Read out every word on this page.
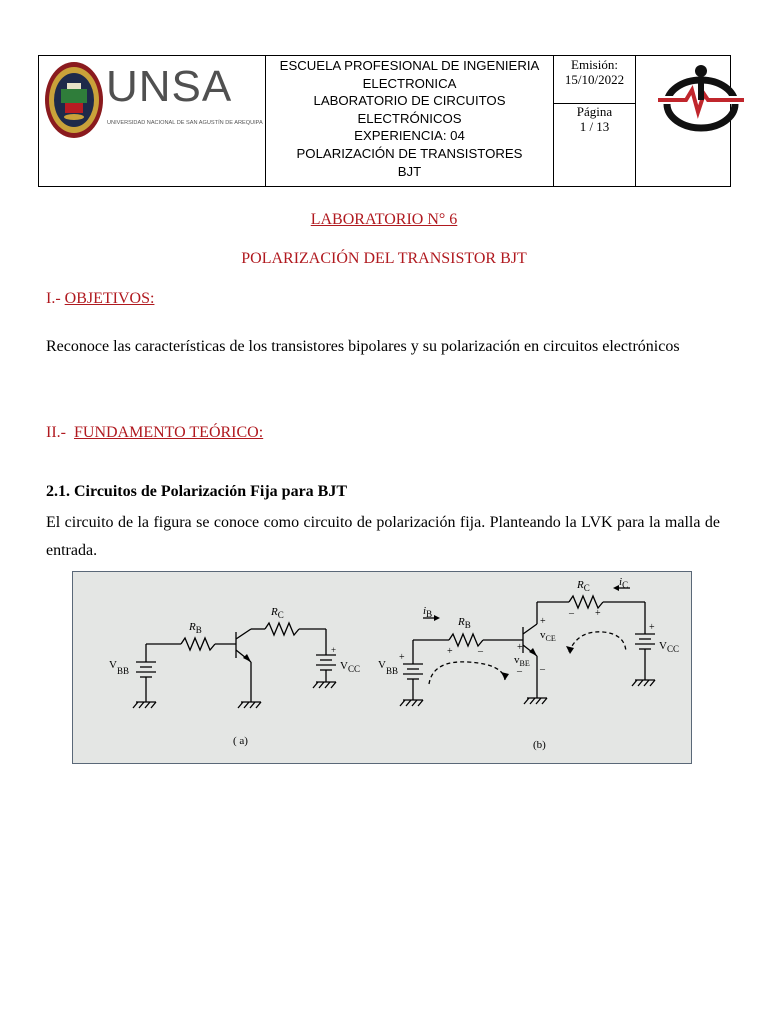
UNSA
UNIVERSIDAD NACIONAL DE SAN AGUSTÍN DE AREQUIPA
ESCUELA PROFESIONAL DE INGENIERIA
ELECTRONICA
LABORATORIO DE CIRCUITOS
ELECTRÓNICOS
EXPERIENCIA: 04
POLARIZACIÓN DE TRANSISTORES
BJT
Emisión:
15/10/2022
Página
1 / 13
LABORATORIO N° 6
POLARIZACIÓN DEL TRANSISTOR BJT
I.- OBJETIVOS:
Reconoce las características de los transistores bipolares y su polarización en circuitos electrónicos
II.- FUNDAMENTO TEÓRICO:
2.1. Circuitos de Polarización Fija para BJT
El circuito de la figura se conoce como circuito de polarización fija. Planteando la LVK para la malla de entrada.
$R_B$
$R_C$
$V_{BB}$	$V_{CC}$
+
( a)
$i_B$
$i_C$
$R_B$
$R_C$
$V_{BB}$
$V_{CC}$
$v_{CE}$
$v_{BE}$
+	–
– +
+
–
+
–
+
+
(b)
